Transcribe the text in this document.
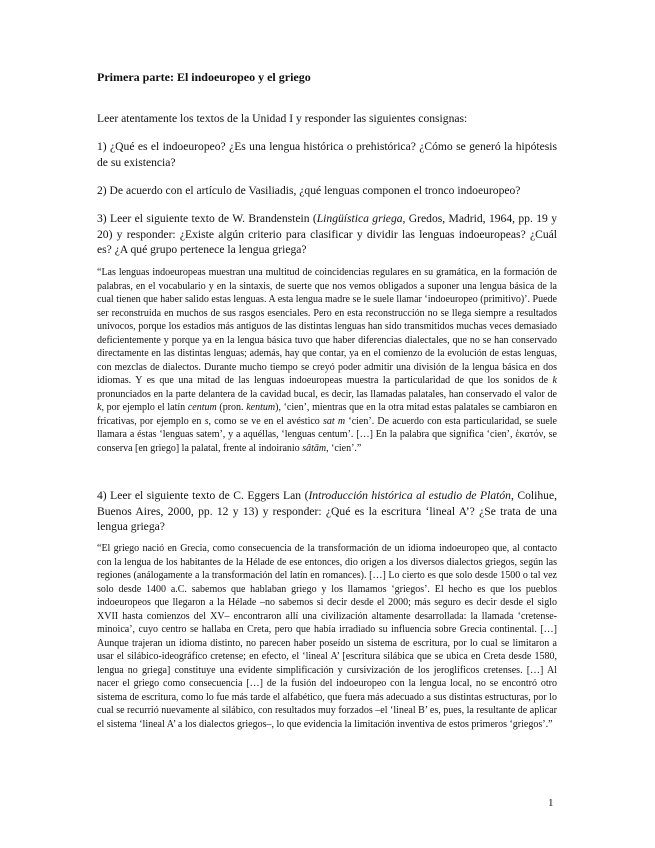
Primera parte: El indoeuropeo y el griego

Leer atentamente los textos de la Unidad I y responder las siguientes consignas:

1) ¿Qué es el indoeuropeo? ¿Es una lengua histórica o prehistórica? ¿Cómo se generó la hipótesis de su existencia?

2) De acuerdo con el artículo de Vasiliadis, ¿qué lenguas componen el tronco indoeuropeo?

3) Leer el siguiente texto de W. Brandenstein (Lingüística griega, Gredos, Madrid, 1964, pp. 19 y 20) y responder: ¿Existe algún criterio para clasificar y dividir las lenguas indoeuropeas? ¿Cuál es? ¿A qué grupo pertenece la lengua griega?

“Las lenguas indoeuropeas muestran una multitud de coincidencias regulares en su gramática, en la formación de palabras, en el vocabulario y en la sintaxis, de suerte que nos vemos obligados a suponer una lengua básica de la cual tienen que haber salido estas lenguas. A esta lengua madre se le suele llamar ‘indoeuropeo (primitivo)’. Puede ser reconstruida en muchos de sus rasgos esenciales. Pero en esta reconstrucción no se llega siempre a resultados unívocos, porque los estadios más antiguos de las distintas lenguas han sido transmitidos muchas veces demasiado deficientemente y porque ya en la lengua básica tuvo que haber diferencias dialectales, que no se han conservado directamente en las distintas lenguas; además, hay que contar, ya en el comienzo de la evolución de estas lenguas, con mezclas de dialectos. Durante mucho tiempo se creyó poder admitir una división de la lengua básica en dos idiomas. Y es que una mitad de las lenguas indoeuropeas muestra la particularidad de que los sonidos de k pronunciados en la parte delantera de la cavidad bucal, es decir, las llamadas palatales, han conservado el valor de k, por ejemplo el latín centum (pron. kentum), ‘cien’, mientras que en la otra mitad estas palatales se cambiaron en fricativas, por ejemplo en s, como se ve en el avéstico sat m ‘cien’. De acuerdo con esta particularidad, se suele llamara a éstas ‘lenguas satem’, y a aquéllas, ‘lenguas centum’. […] En la palabra que significa ‘cien’, ἑκατόν, se conserva [en griego] la palatal, frente al indoiranio sâtām, ‘cien’.”

4) Leer el siguiente texto de C. Eggers Lan (Introducción histórica al estudio de Platón, Colihue, Buenos Aires, 2000, pp. 12 y 13) y responder: ¿Qué es la escritura ‘lineal A’? ¿Se trata de una lengua griega?

“El griego nació en Grecia, como consecuencia de la transformación de un idioma indoeuropeo que, al contacto con la lengua de los habitantes de la Hélade de ese entonces, dio origen a los diversos dialectos griegos, según las regiones (análogamente a la transformación del latín en romances). […] Lo cierto es que solo desde 1500 o tal vez solo desde 1400 a.C. sabemos que hablaban griego y los llamamos ‘griegos’. El hecho es que los pueblos indoeuropeos que llegaron a la Hélade –no sabemos si decir desde el 2000; más seguro es decir desde el siglo XVII hasta comienzos del XV– encontraron allí una civilización altamente desarrollada: la llamada ‘cretense-minoica’, cuyo centro se hallaba en Creta, pero que había irradiado su influencia sobre Grecia continental. […] Aunque trajeran un idioma distinto, no parecen haber poseído un sistema de escritura, por lo cual se limitaron a usar el silábico-ideográfico cretense; en efecto, el ‘lineal A’ [escritura silábica que se ubica en Creta desde 1580, lengua no griega] constituye una evidente simplificación y cursivización de los jeroglíficos cretenses. […] Al nacer el griego como consecuencia […] de la fusión del indoeuropeo con la lengua local, no se encontró otro sistema de escritura, como lo fue más tarde el alfabético, que fuera más adecuado a sus distintas estructuras, por lo cual se recurrió nuevamente al silábico, con resultados muy forzados –el ‘lineal B’ es, pues, la resultante de aplicar el sistema ‘lineal A’ a los dialectos griegos–, lo que evidencia la limitación inventiva de estos primeros ‘griegos’.”

1
